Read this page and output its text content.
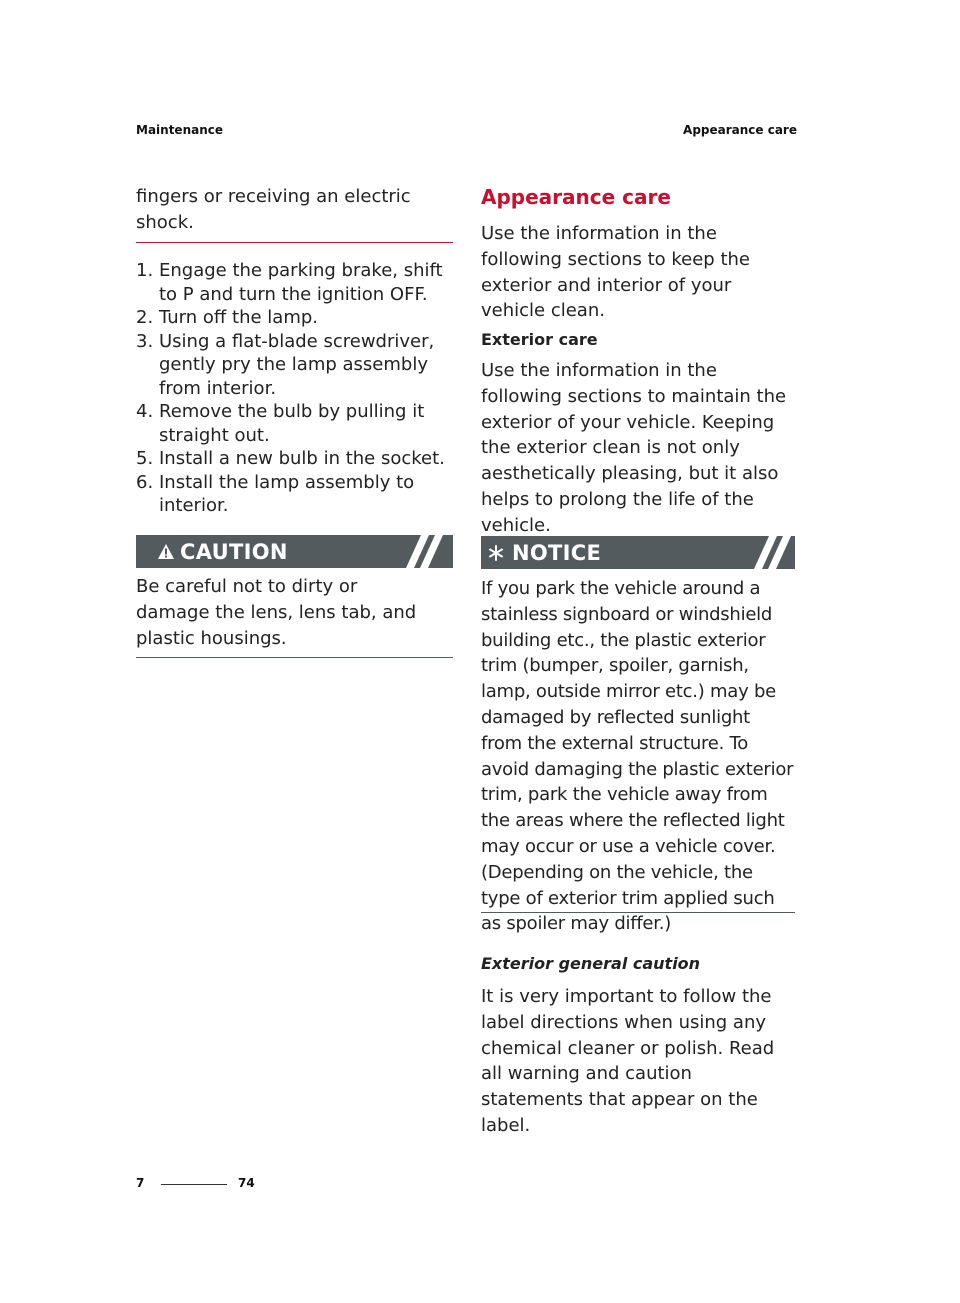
Maintenance	Appearance care
fingers or receiving an electric shock.
1. Engage the parking brake, shift to P and turn the ignition OFF.
2. Turn off the lamp.
3. Using a flat-blade screwdriver, gently pry the lamp assembly from interior.
4. Remove the bulb by pulling it straight out.
5. Install a new bulb in the socket.
6. Install the lamp assembly to interior.
CAUTION
Be careful not to dirty or damage the lens, lens tab, and plastic housings.
Appearance care
Use the information in the following sections to keep the exterior and interior of your vehicle clean.
Exterior care
Use the information in the following sections to maintain the exterior of your vehicle. Keeping the exterior clean is not only aesthetically pleasing, but it also helps to prolong the life of the vehicle.
NOTICE
If you park the vehicle around a stainless signboard or windshield building etc., the plastic exterior trim (bumper, spoiler, garnish, lamp, outside mirror etc.) may be damaged by reflected sunlight from the external structure. To avoid damaging the plastic exterior trim, park the vehicle away from the areas where the reflected light may occur or use a vehicle cover. (Depending on the vehicle, the type of exterior trim applied such as spoiler may differ.)
Exterior general caution
It is very important to follow the label directions when using any chemical cleaner or polish. Read all warning and caution statements that appear on the label.
7	74
